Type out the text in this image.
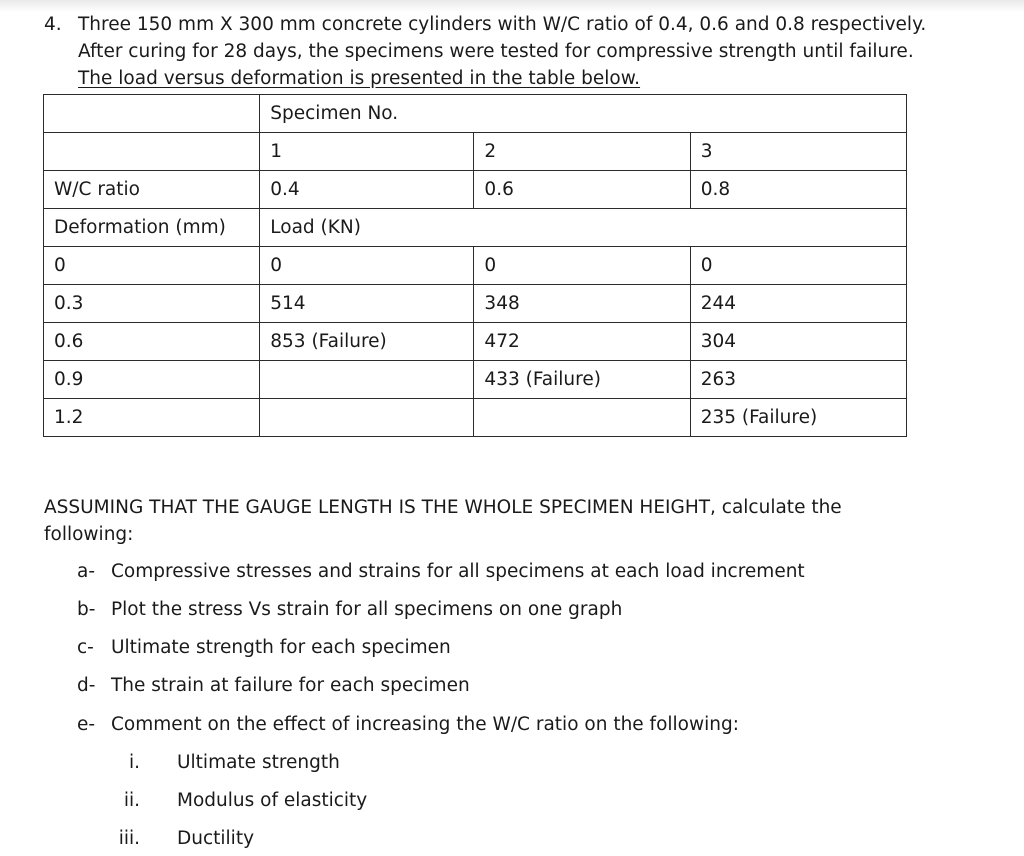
4. Three 150 mm X 300 mm concrete cylinders with W/C ratio of 0.4, 0.6 and 0.8 respectively.
After curing for 28 days, the specimens were tested for compressive strength until failure.
The load versus deformation is presented in the table below.
	Specimen No.		
	1	2	3
W/C ratio	0.4	0.6	0.8
Deformation (mm)	Load (KN)		
0	0	0	0
0.3	514	348	244
0.6	853 (Failure)	472	304
0.9		433 (Failure)	263
1.2			235 (Failure)
ASSUMING THAT THE GAUGE LENGTH IS THE WHOLE SPECIMEN HEIGHT, calculate the
following:
a- Compressive stresses and strains for all specimens at each load increment
b- Plot the stress Vs strain for all specimens on one graph
c- Ultimate strength for each specimen
d- The strain at failure for each specimen
e- Comment on the effect of increasing the W/C ratio on the following:
i. Ultimate strength
ii. Modulus of elasticity
iii. Ductility
